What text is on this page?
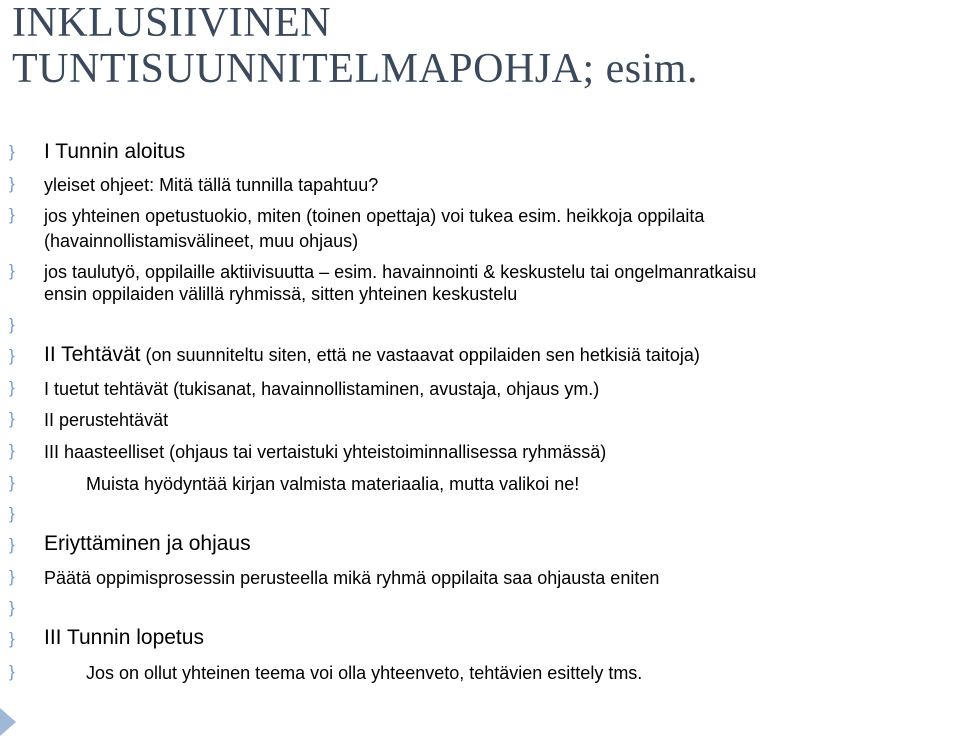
INKLUSIIVINEN
TUNTISUUNNITELMAPOHJA; esim.
} I Tunnin aloitus
} yleiset ohjeet: Mitä tällä tunnilla tapahtuu?
} jos yhteinen opetustuokio, miten (toinen opettaja) voi tukea esim. heikkoja oppilaita
(havainnollistamisvälineet, muu ohjaus)
} jos taulutyö, oppilaille aktiivisuutta – esim. havainnointi & keskustelu tai ongelmanratkaisu
ensin oppilaiden välillä ryhmissä, sitten yhteinen keskustelu
}
} II Tehtävät (on suunniteltu siten, että ne vastaavat oppilaiden sen hetkisiä taitoja)
} I tuetut tehtävät (tukisanat, havainnollistaminen, avustaja, ohjaus ym.)
} II perustehtävät
} III haasteelliset (ohjaus tai vertaistuki yhteistoiminnallisessa ryhmässä)
}	Muista hyödyntää kirjan valmista materiaalia, mutta valikoi ne!
}
} Eriyttäminen ja ohjaus
} Päätä oppimisprosessin perusteella mikä ryhmä oppilaita saa ohjausta eniten
}
} III Tunnin lopetus
}	Jos on ollut yhteinen teema voi olla yhteenveto, tehtävien esittely tms.
